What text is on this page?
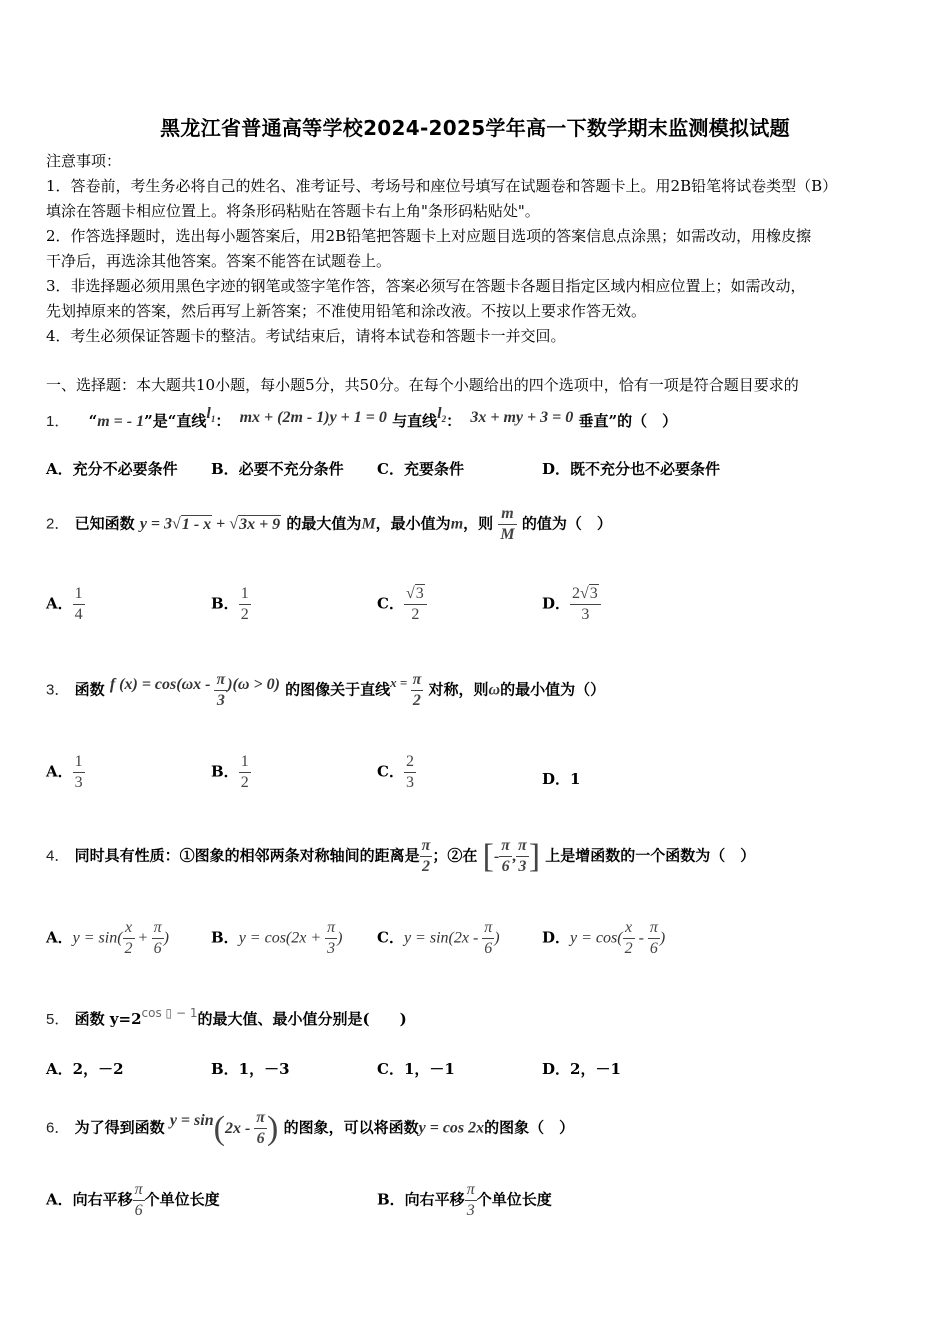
黑龙江省普通高等学校2024-2025学年高一下数学期末监测模拟试题
注意事项：
1．答卷前，考生务必将自己的姓名、准考证号、考场号和座位号填写在试题卷和答题卡上。用2B铅笔将试卷类型（B）
填涂在答题卡相应位置上。将条形码粘贴在答题卡右上角"条形码粘贴处"。
2．作答选择题时，选出每小题答案后，用2B铅笔把答题卡上对应题目选项的答案信息点涂黑；如需改动，用橡皮擦
干净后，再选涂其他答案。答案不能答在试题卷上。
3．非选择题必须用黑色字迹的钢笔或签字笔作答，答案必须写在答题卡各题目指定区域内相应位置上；如需改动，
先划掉原来的答案，然后再写上新答案；不准使用铅笔和涂改液。不按以上要求作答无效。
4．考生必须保证答题卡的整洁。考试结束后，请将本试卷和答题卡一并交回。
一、选择题：本大题共10小题，每小题5分，共50分。在每个小题给出的四个选项中，恰有一项是符合题目要求的
1． “m = - 1”是“直线$l_1$： mx + (2m - 1)y + 1 = 0 与直线$l_2$： 3x + my + 3 = 0 垂直”的（　）
A．充分不必要条件 B．必要不充分条件 C．充要条件	D．既不充分也不必要条件
2． 已知函数 y = 3√1 - x + √3x + 9 的最大值为M，最小值为m，则 $\frac{m}{M}$ 的值为（　）
A． $\frac{1}{4}$	B． $\frac{1}{2}$	C． $\frac{√3}{2}$	D． $\frac{2√3}{3}$
3． 函数 f $(x) = \cos(\omega x - \frac{\pi}{3} )(\omega > 0)$ 的图像关于直线$x = \frac{\pi}{2}$ 对称，则ω的最小值为（）
A． $\frac{1}{3}$	B． $\frac{1}{2}$	C． $\frac{2}{3}$	D．1
4． 同时具有性质：①图象的相邻两条对称轴间的距离是 $\frac{\pi}{2}$ ；②在 [- $\frac{\pi}{6}$ , $\frac{\pi}{3}$ ] 上是增函数的一个函数为（　）
A．$y = \sin( \frac{x}{2} + \frac{\pi}{6}$ )	B．$y = \cos(2x + \frac{\pi}{3}$ ) C．$y = \sin(2x - \frac{\pi}{6}$ )	D．$y = \cos( \frac{x}{2} - \frac{\pi}{6}$ )
5． 函数 $y=2^{cos ▯ - 1}$的最大值、最小值分别是(　　)
A．2，－2	B．1，－3	C．1，－1	D．2，－1
6． 为了得到函数 $y = \sin(2x - \frac{\pi}{6}$ ) 的图象，可以将函数y = cos 2x的图象（　）
A．向右平移 $\frac{\pi}{6}$ 个单位长度	B．向右平移 $\frac{\pi}{3}$ 个单位长度
